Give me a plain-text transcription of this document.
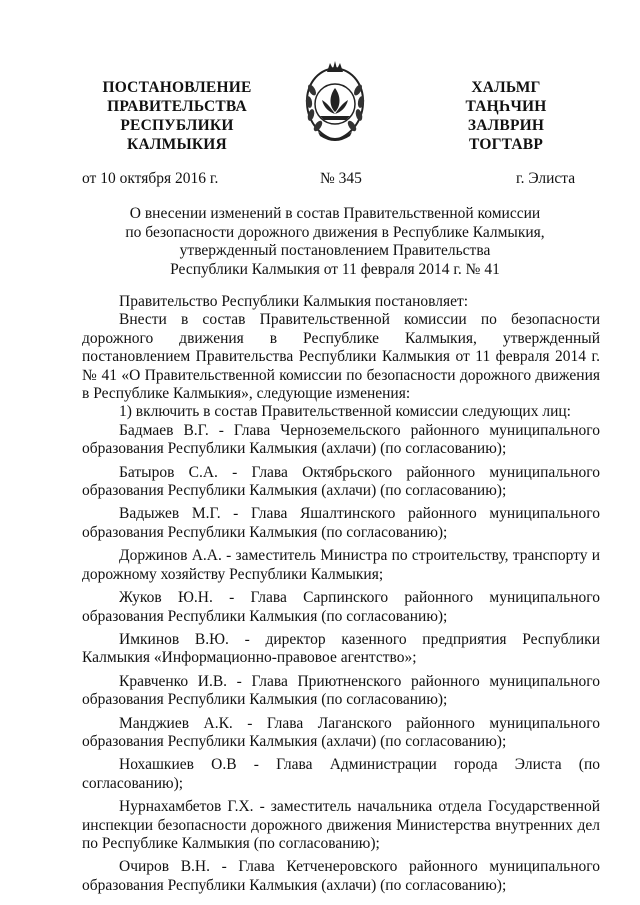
ПОСТАНОВЛЕНИЕ
ПРАВИТЕЛЬСТВА
РЕСПУБЛИКИ
КАЛМЫКИЯ
ХАЛЬМГ
ТАҢҺЧИН
ЗАЛВРИН
ТОГТАВР
от 10 октября 2016 г.	№ 345	г. Элиста
О внесении изменений в состав Правительственной комиссии
по безопасности дорожного движения в Республике Калмыкия,
утвержденный постановлением Правительства
Республики Калмыкия от 11 февраля 2014 г. № 41

Правительство Республики Калмыкия постановляет:

Внести в состав Правительственной комиссии по безопасности дорожного движения в Республике Калмыкия, утвержденный постановлением Правительства Республики Калмыкия от 11 февраля 2014 г. № 41 «О Правительственной комиссии по безопасности дорожного движения в Республике Калмыкия», следующие изменения:

1) включить в состав Правительственной комиссии следующих лиц:

Бадмаев В.Г. - Глава Черноземельского районного муниципального образования Республики Калмыкия (ахлачи) (по согласованию);

Батыров С.А. - Глава Октябрьского районного муниципального образования Республики Калмыкия (ахлачи) (по согласованию);

Вадыжев М.Г. - Глава Яшалтинского районного муниципального образования Республики Калмыкия (по согласованию);

Доржинов А.А. - заместитель Министра по строительству, транспорту и дорожному хозяйству Республики Калмыкия;

Жуков Ю.Н. - Глава Сарпинского районного муниципального образования Республики Калмыкия (по согласованию);

Имкинов В.Ю. - директор казенного предприятия Республики Калмыкия «Информационно-правовое агентство»;

Кравченко И.В. - Глава Приютненского районного муниципального образования Республики Калмыкия (по согласованию);

Манджиев А.К. - Глава Лаганского районного муниципального образования Республики Калмыкия (ахлачи) (по согласованию);

Нохашкиев О.В - Глава Администрации города Элиста (по согласованию);

Нурнахамбетов Г.Х. - заместитель начальника отдела Государственной инспекции безопасности дорожного движения Министерства внутренних дел по Республике Калмыкия (по согласованию);

Очиров В.Н. - Глава Кетченеровского районного муниципального образования Республики Калмыкия (ахлачи) (по согласованию);
